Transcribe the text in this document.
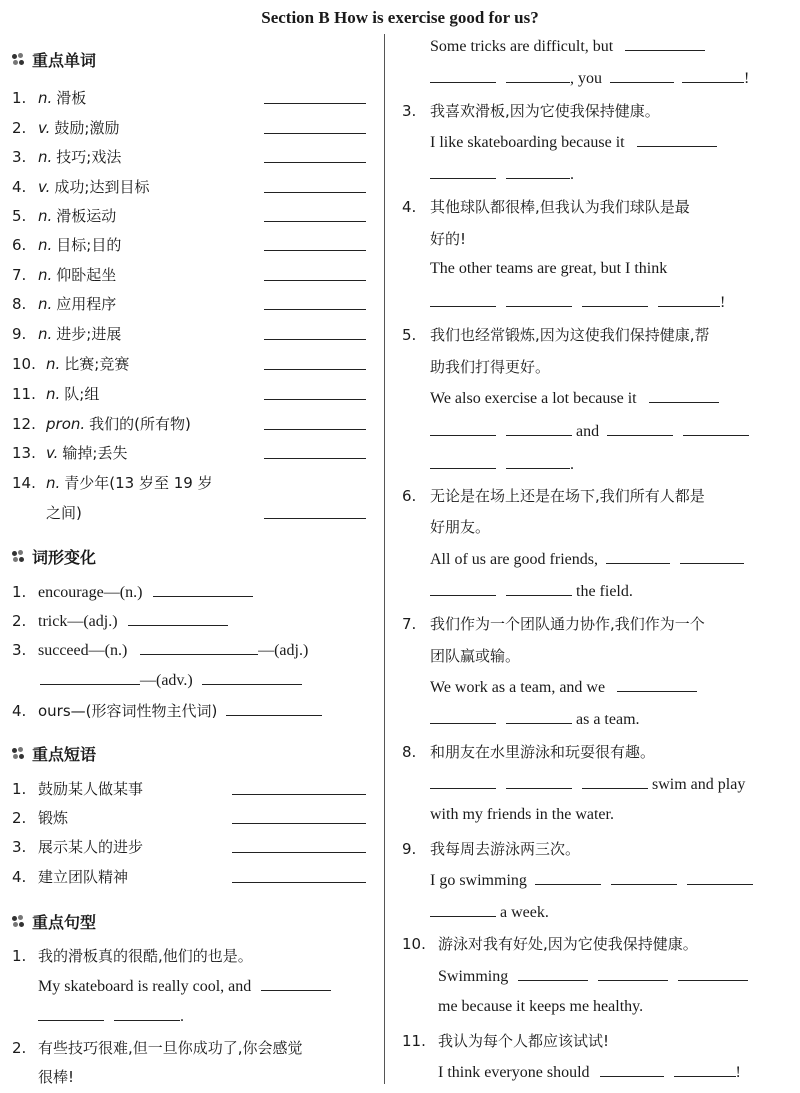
Section B How is exercise good for us?
重点单词
1. n. 滑板
2. v. 鼓励;激励
3. n. 技巧;戏法
4. v. 成功;达到目标
5. n. 滑板运动
6. n. 目标;目的
7. n. 仰卧起坐
8. n. 应用程序
9. n. 进步;进展
10. n. 比赛;竞赛
11. n. 队;组
12. pron. 我们的(所有物)
13. v. 输掉;丢失
14. n. 青少年(13 岁至 19 岁
之间)
词形变化
1. encourage—(n.)
2. trick—(adj.)
3. succeed—(n.)	—(adj.)
—(adv.)
4. ours—(形容词性物主代词)
重点短语
1. 鼓励某人做某事
2. 锻炼
3. 展示某人的进步
4. 建立团队精神
重点句型
1. 我的滑板真的很酷,他们的也是。
My skateboard is really cool, and
.
2. 有些技巧很难,但一旦你成功了,你会感觉
很棒!
Some tricks are difficult, but
, you	!
3. 我喜欢滑板,因为它使我保持健康。
I like skateboarding because it
.
4. 其他球队都很棒,但我认为我们球队是最
好的!
The other teams are great, but I think
!
5. 我们也经常锻炼,因为这使我们保持健康,帮
助我们打得更好。
We also exercise a lot because it
and
.
6. 无论是在场上还是在场下,我们所有人都是
好朋友。
All of us are good friends,
the field.
7. 我们作为一个团队通力协作,我们作为一个
团队赢或输。
We work as a team, and we
as a team.
8. 和朋友在水里游泳和玩耍很有趣。
swim and play
with my friends in the water.
9. 我每周去游泳两三次。
I go swimming
a week.
10. 游泳对我有好处,因为它使我保持健康。
Swimming
me because it keeps me healthy.
11. 我认为每个人都应该试试!
I think everyone should	!
